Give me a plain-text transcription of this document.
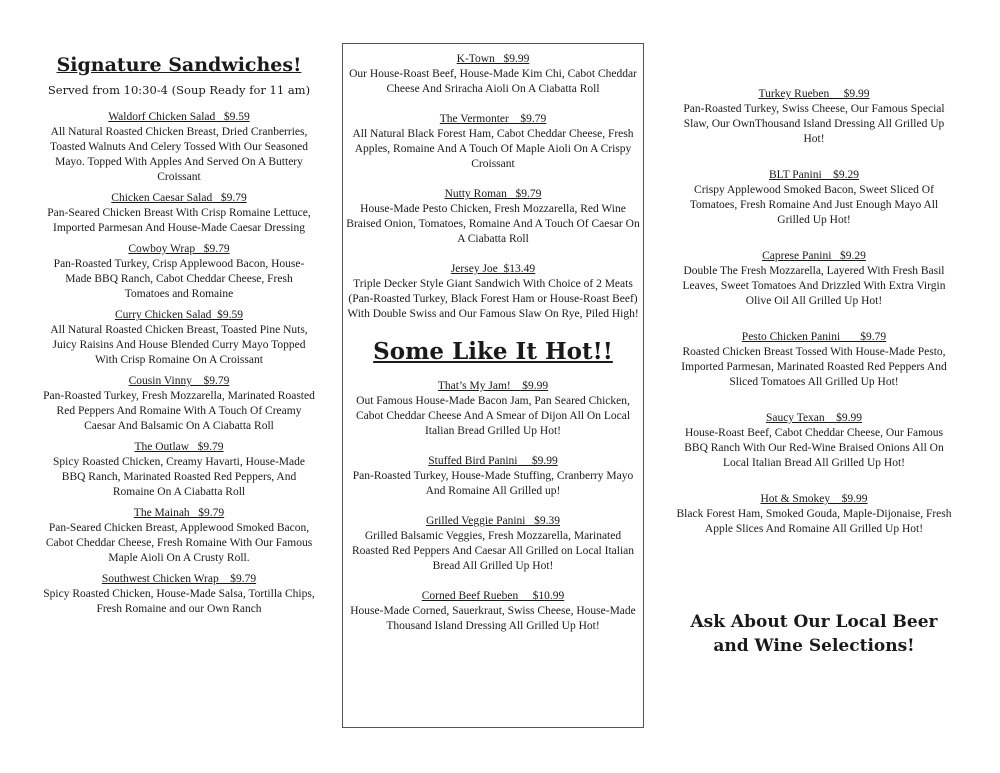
Signature Sandwiches!
Served from 10:30-4 (Soup Ready for 11 am)
Waldorf Chicken Salad   $9.59
All Natural Roasted Chicken Breast, Dried Cranberries, Toasted Walnuts And Celery Tossed With Our Seasoned Mayo. Topped With Apples And Served On A Buttery Croissant
Chicken Caesar Salad   $9.79
Pan-Seared Chicken Breast With Crisp Romaine Lettuce, Imported Parmesan And House-Made Caesar Dressing
Cowboy Wrap   $9.79
Pan-Roasted Turkey, Crisp Applewood Bacon, House-Made BBQ Ranch, Cabot Cheddar Cheese, Fresh Tomatoes and Romaine
Curry Chicken Salad  $9.59
All Natural Roasted Chicken Breast, Toasted Pine Nuts, Juicy Raisins And House Blended Curry Mayo Topped With Crisp Romaine On A Croissant
Cousin Vinny    $9.79
Pan-Roasted Turkey, Fresh Mozzarella, Marinated Roasted Red Peppers And Romaine With A Touch Of Creamy Caesar And Balsamic On A Ciabatta Roll
The Outlaw   $9.79
Spicy Roasted Chicken, Creamy Havarti, House-Made BBQ Ranch, Marinated Roasted Red Peppers, And Romaine On A Ciabatta Roll
The Mainah   $9.79
Pan-Seared Chicken Breast, Applewood Smoked Bacon, Cabot Cheddar Cheese, Fresh Romaine With Our Famous Maple Aioli On A Crusty Roll.
Southwest Chicken Wrap    $9.79
Spicy Roasted Chicken, House-Made Salsa, Tortilla Chips, Fresh Romaine and our Own Ranch
K-Town   $9.99
Our House-Roast Beef, House-Made Kim Chi, Cabot Cheddar Cheese And Sriracha Aioli On A Ciabatta Roll
The Vermonter    $9.79
All Natural Black Forest Ham, Cabot Cheddar Cheese, Fresh Apples, Romaine And A Touch Of Maple Aioli On A Crispy Croissant
Nutty Roman   $9.79
House-Made Pesto Chicken, Fresh Mozzarella, Red Wine Braised Onion, Tomatoes, Romaine And A Touch Of Caesar On A Ciabatta Roll
Jersey Joe  $13.49
Triple Decker Style Giant Sandwich With Choice of 2 Meats (Pan-Roasted Turkey, Black Forest Ham or House-Roast Beef) With Double Swiss and Our Famous Slaw On Rye, Piled High!
Some Like It Hot!!
That’s My Jam!    $9.99
Out Famous House-Made Bacon Jam, Pan Seared Chicken, Cabot Cheddar Cheese And A Smear of Dijon All On Local Italian Bread Grilled Up Hot!
Stuffed Bird Panini     $9.99
Pan-Roasted Turkey, House-Made Stuffing, Cranberry Mayo And Romaine All Grilled up!
Grilled Veggie Panini   $9.39
Grilled Balsamic Veggies, Fresh Mozzarella, Marinated Roasted Red Peppers And Caesar All Grilled on Local Italian Bread All Grilled Up Hot!
Corned Beef Rueben     $10.99
House-Made Corned, Sauerkraut, Swiss Cheese, House-Made Thousand Island Dressing All Grilled Up Hot!
Turkey Rueben     $9.99
Pan-Roasted Turkey, Swiss Cheese, Our Famous Special Slaw, Our OwnThousand Island Dressing All Grilled Up Hot!
BLT Panini    $9.29
Crispy Applewood Smoked Bacon, Sweet Sliced Of Tomatoes, Fresh Romaine And Just Enough Mayo All Grilled Up Hot!
Caprese Panini   $9.29
Double The Fresh Mozzarella, Layered With Fresh Basil Leaves, Sweet Tomatoes And Drizzled With Extra Virgin Olive Oil All Grilled Up Hot!
Pesto Chicken Panini       $9.79
Roasted Chicken Breast Tossed With House-Made Pesto, Imported Parmesan, Marinated Roasted Red Peppers And Sliced Tomatoes All Grilled Up Hot!
Saucy Texan    $9.99
House-Roast Beef, Cabot Cheddar Cheese, Our Famous BBQ Ranch With Our Red-Wine Braised Onions All On Local Italian Bread All Grilled Up Hot!
Hot & Smokey    $9.99
Black Forest Ham, Smoked Gouda, Maple-Dijonaise, Fresh Apple Slices And Romaine All Grilled Up Hot!
Ask About Our Local Beer and Wine Selections!
